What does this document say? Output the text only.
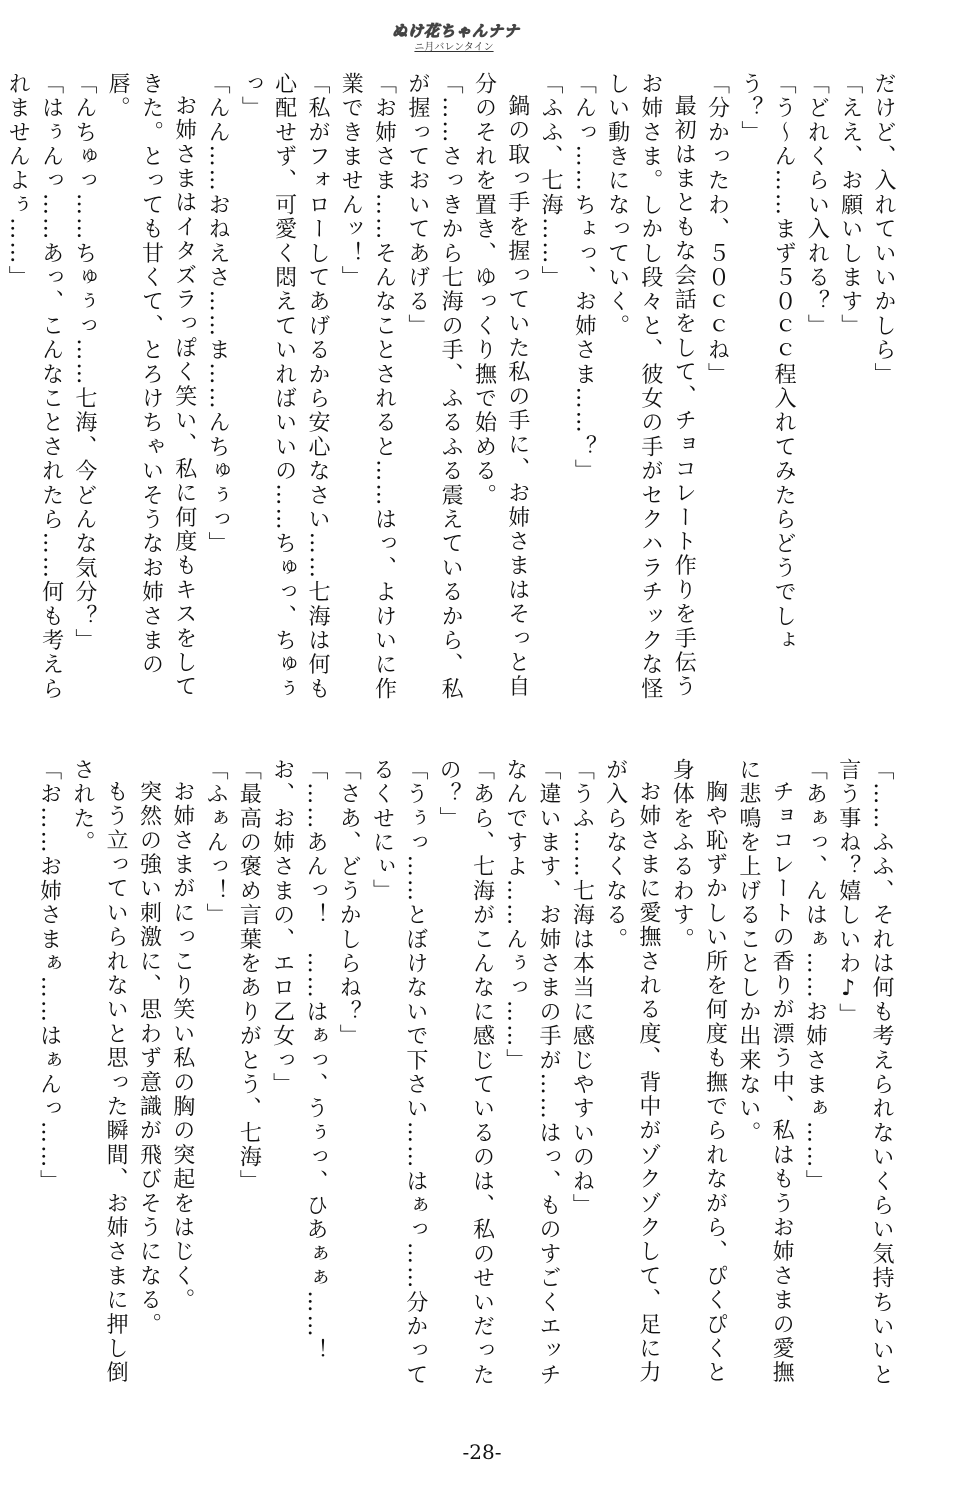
ぬけ花ちゃんナナ
ニ月バレンタイン

だけど、入れていいかしら」

「ええ、お願いします」

「どれくらい入れる？」

「う～ん……まず５０ｃｃ程入れてみたらどうでしょう？」

「分かったわ、５０ｃｃね」

最初はまともな会話をして、チョコレート作りを手伝うお姉さま。しかし段々と、彼女の手がセクハラチックな怪しい動きになっていく。

「んっ……ちょっ、お姉さま……？」

「ふふ、七海……」

鍋の取っ手を握っていた私の手に、お姉さまはそっと自分のそれを置き、ゆっくり撫で始める。

「……さっきから七海の手、ふるふる震えているから、私が握っておいてあげる」

「お姉さま……そんなことされると……はっ、よけいに作業できませんッ！」

「私がフォローしてあげるから安心なさい……七海は何も心配せず、可愛く悶えていればいいの……ちゅっ、ちゅぅっ」

「んん……おねえさ……ま……んちゅぅっ」

お姉さまはイタズラっぽく笑い、私に何度もキスをしてきた。とっても甘くて、とろけちゃいそうなお姉さまの唇。

「んちゅっ……ちゅぅっ……七海、今どんな気分？」

「はぅんっ……あっ、こんなことされたら……何も考えられませんよぅ……」

「……ふふ、それは何も考えられないくらい気持ちいいと言う事ね？嬉しいわ♪」

「あぁっ、んはぁ……お姉さまぁ……」

チョコレートの香りが漂う中、私はもうお姉さまの愛撫に悲鳴を上げることしか出来ない。

胸や恥ずかしい所を何度も撫でられながら、ぴくぴくと身体をふるわす。

お姉さまに愛撫される度、背中がゾクゾクして、足に力が入らなくなる。

「うふ……七海は本当に感じやすいのね」

「違います、お姉さまの手が……はっ、ものすごくエッチなんですよ……んぅっ……」

「あら、七海がこんなに感じているのは、私のせいだったの？」

「うぅっ……とぼけないで下さい……はぁっ……分かってるくせにぃ」

「さあ、どうかしらね？」

「……あんっ！　……はぁっ、うぅっ、ひあぁぁ……！　お、お姉さまの、エロ乙女っ」

「最高の褒め言葉をありがとう、七海」

「ふぁんっ！」

お姉さまがにっこり笑い私の胸の突起をはじく。

突然の強い刺激に、思わず意識が飛びそうになる。

もう立っていられないと思った瞬間、お姉さまに押し倒された。

「お……お姉さまぁ……はぁんっ……」

-28-
